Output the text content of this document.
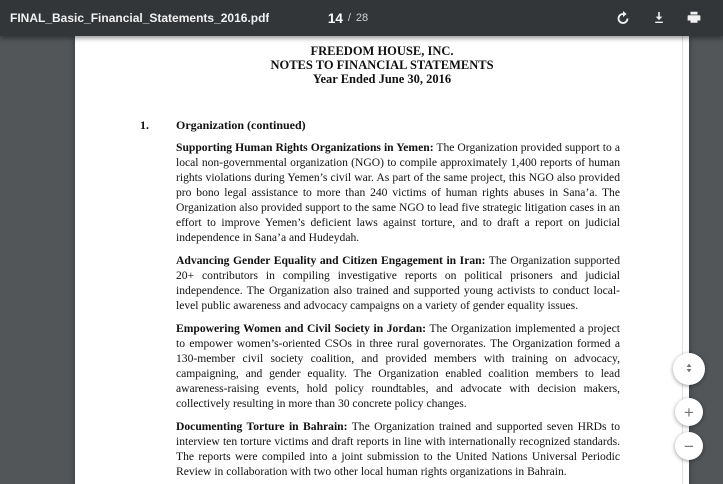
FINAL_Basic_Financial_Statements_2016.pdf	14 / 28
FREEDOM HOUSE, INC.
NOTES TO FINANCIAL STATEMENTS
Year Ended June 30, 2016
1.	Organization (continued)

Supporting Human Rights Organizations in Yemen: The Organization provided support to a local non-governmental organization (NGO) to compile approximately 1,400 reports of human rights violations during Yemen’s civil war. As part of the same project, this NGO also provided pro bono legal assistance to more than 240 victims of human rights abuses in Sana’a. The Organization also provided support to the same NGO to lead five strategic litigation cases in an effort to improve Yemen’s deficient laws against torture, and to draft a report on judicial independence in Sana’a and Hudeydah.

Advancing Gender Equality and Citizen Engagement in Iran: The Organization supported 20+ contributors in compiling investigative reports on political prisoners and judicial independence. The Organization also trained and supported young activists to conduct local-level public awareness and advocacy campaigns on a variety of gender equality issues.

Empowering Women and Civil Society in Jordan: The Organization implemented a project to empower women’s-oriented CSOs in three rural governorates. The Organization formed a 130-member civil society coalition, and provided members with training on advocacy, campaigning, and gender equality. The Organization enabled coalition members to lead awareness-raising events, hold policy roundtables, and advocate with decision makers, collectively resulting in more than 30 concrete policy changes.

Documenting Torture in Bahrain: The Organization trained and supported seven HRDs to interview ten torture victims and draft reports in line with internationally recognized standards. The reports were compiled into a joint submission to the United Nations Universal Periodic Review in collaboration with two other local human rights organizations in Bahrain.

+
−
